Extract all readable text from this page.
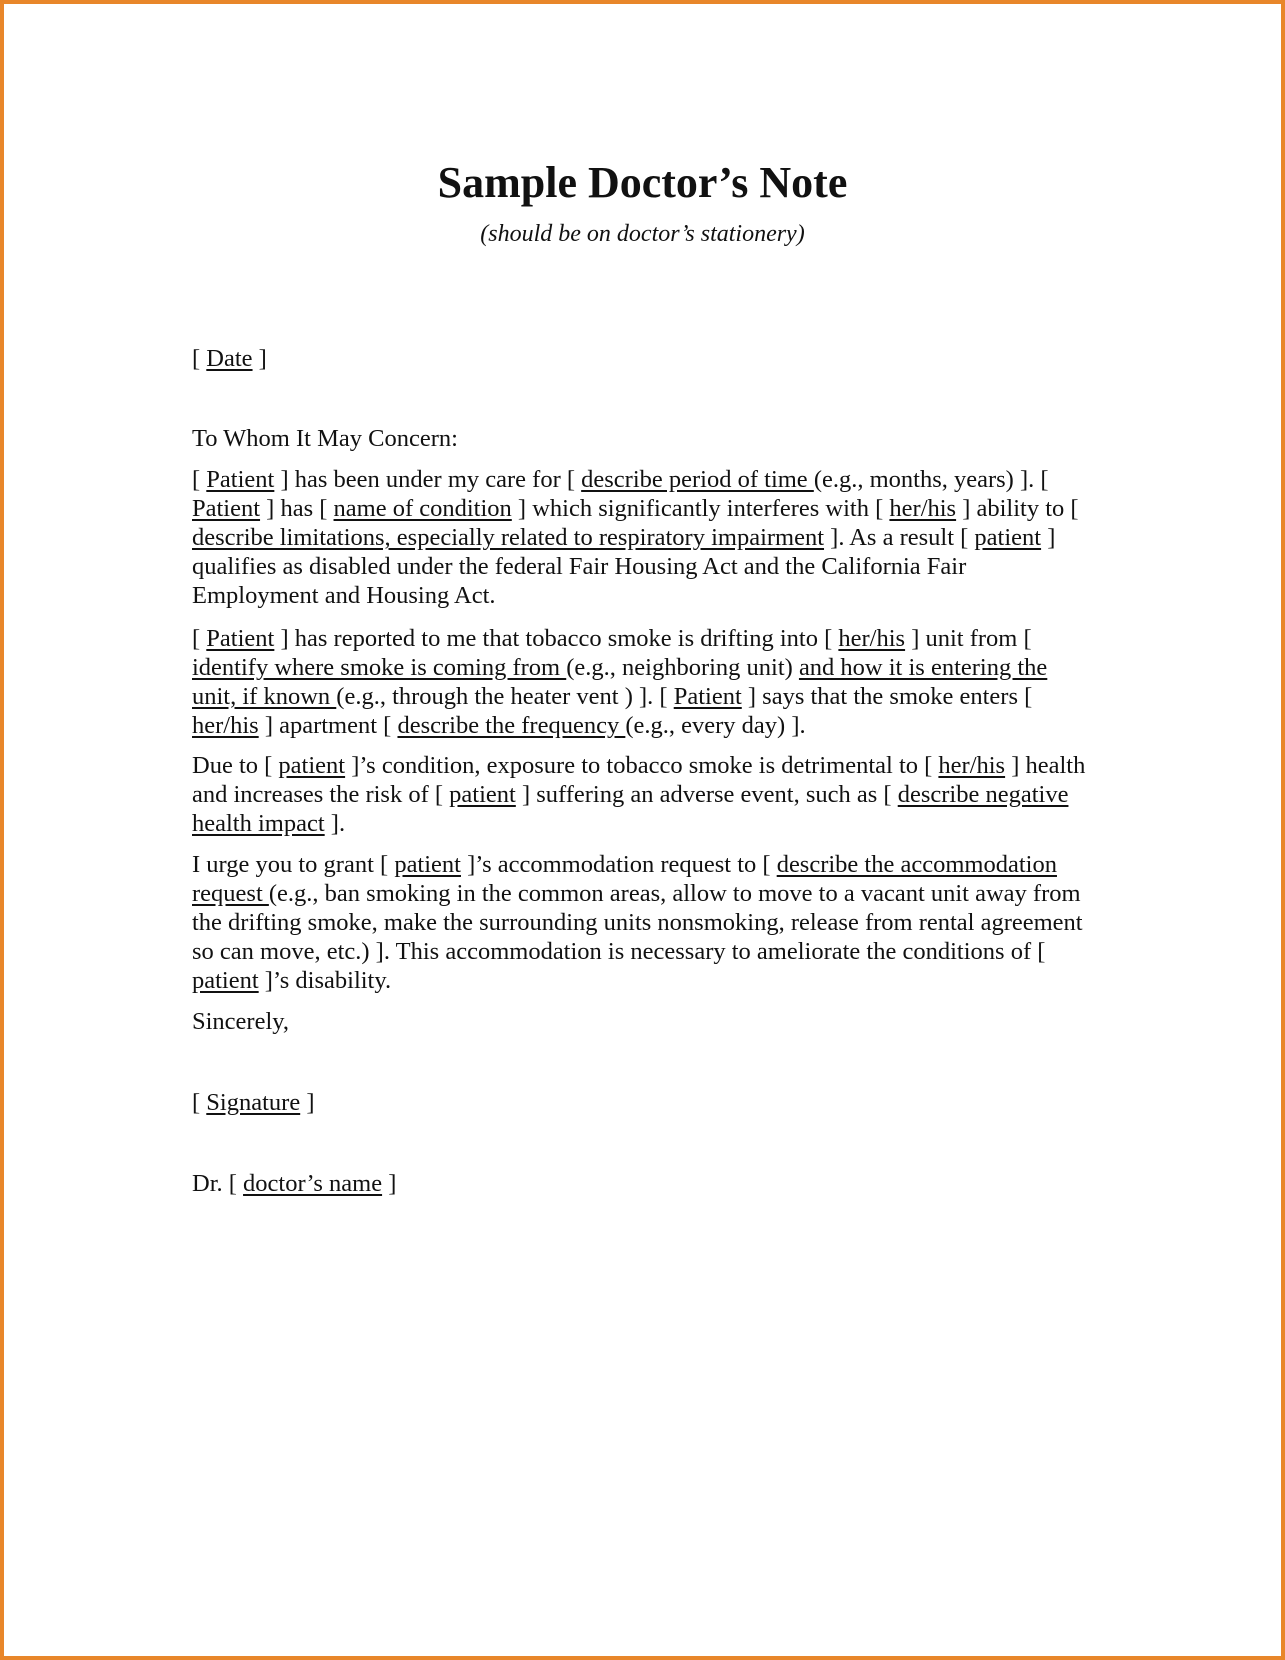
Sample Doctor’s Note

(should be on doctor’s stationery)

[ Date ]

To Whom It May Concern:

[ Patient ] has been under my care for [ describe period of time (e.g., months, years) ]. [ Patient ] has [ name of condition ] which significantly interferes with [ her/his ] ability to [ describe limitations, especially related to respiratory impairment ]. As a result [ patient ] qualifies as disabled under the federal Fair Housing Act and the California Fair Employment and Housing Act.

[ Patient ] has reported to me that tobacco smoke is drifting into [ her/his ] unit from [ identify where smoke is coming from (e.g., neighboring unit) and how it is entering the unit, if known (e.g., through the heater vent ) ]. [ Patient ] says that the smoke enters [ her/his ] apartment [ describe the frequency (e.g., every day) ].

Due to [ patient ]’s condition, exposure to tobacco smoke is detrimental to [ her/his ] health and increases the risk of [ patient ] suffering an adverse event, such as [ describe negative health impact ].

I urge you to grant [ patient ]’s accommodation request to [ describe the accommodation request (e.g., ban smoking in the common areas, allow to move to a vacant unit away from the drifting smoke, make the surrounding units nonsmoking, release from rental agreement so can move, etc.) ]. This accommodation is necessary to ameliorate the conditions of [ patient ]’s disability.

Sincerely,

[ Signature ]

Dr. [ doctor’s name ]
